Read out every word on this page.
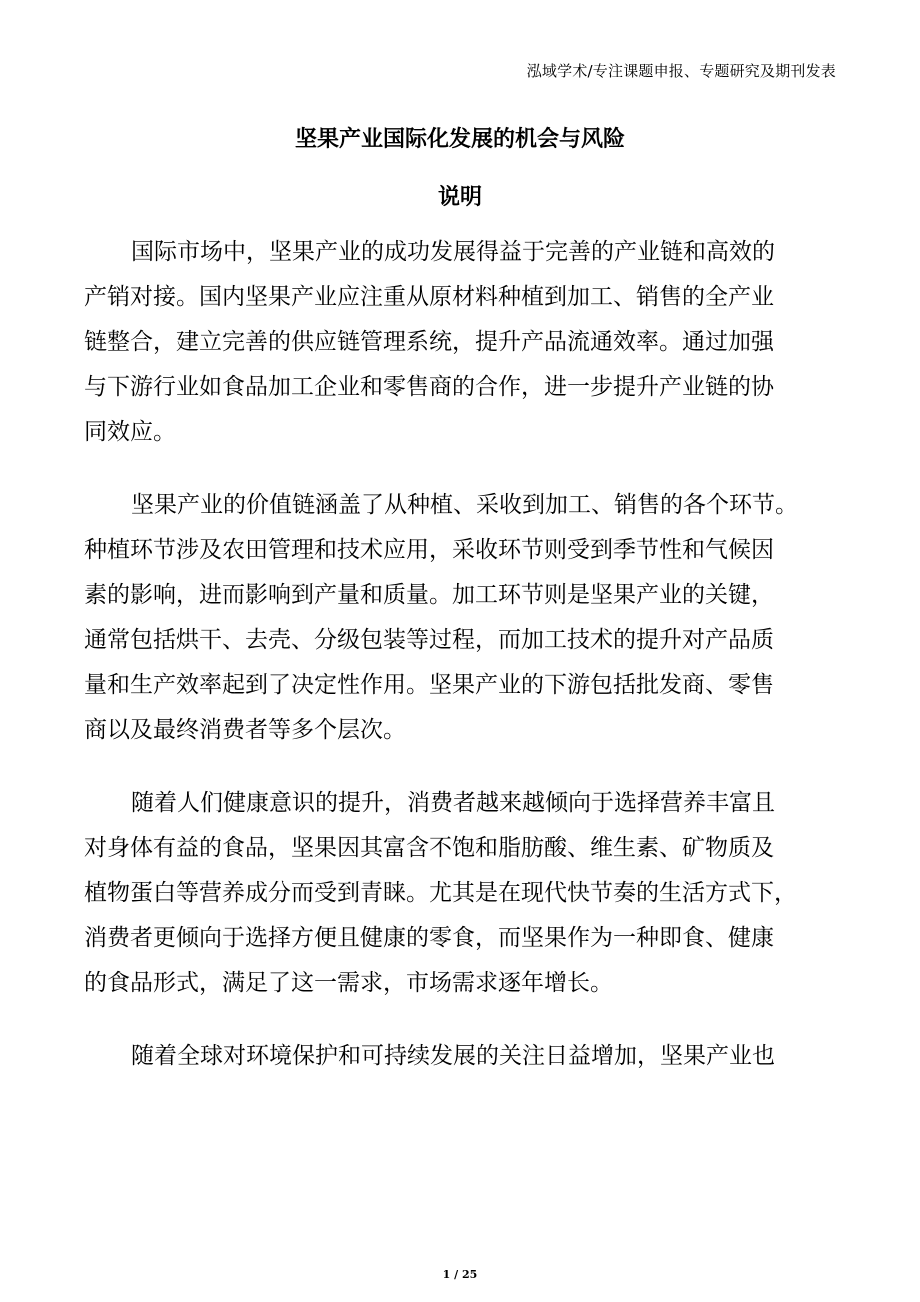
泓域学术/专注课题申报、专题研究及期刊发表
坚果产业国际化发展的机会与风险
说明
国际市场中，坚果产业的成功发展得益于完善的产业链和高效的
产销对接。国内坚果产业应注重从原材料种植到加工、销售的全产业
链整合，建立完善的供应链管理系统，提升产品流通效率。通过加强
与下游行业如食品加工企业和零售商的合作，进一步提升产业链的协
同效应。
坚果产业的价值链涵盖了从种植、采收到加工、销售的各个环节。
种植环节涉及农田管理和技术应用，采收环节则受到季节性和气候因
素的影响，进而影响到产量和质量。加工环节则是坚果产业的关键，
通常包括烘干、去壳、分级包装等过程，而加工技术的提升对产品质
量和生产效率起到了决定性作用。坚果产业的下游包括批发商、零售
商以及最终消费者等多个层次。
随着人们健康意识的提升，消费者越来越倾向于选择营养丰富且
对身体有益的食品，坚果因其富含不饱和脂肪酸、维生素、矿物质及
植物蛋白等营养成分而受到青睐。尤其是在现代快节奏的生活方式下，
消费者更倾向于选择方便且健康的零食，而坚果作为一种即食、健康
的食品形式，满足了这一需求，市场需求逐年增长。
随着全球对环境保护和可持续发展的关注日益增加，坚果产业也
1 / 25
